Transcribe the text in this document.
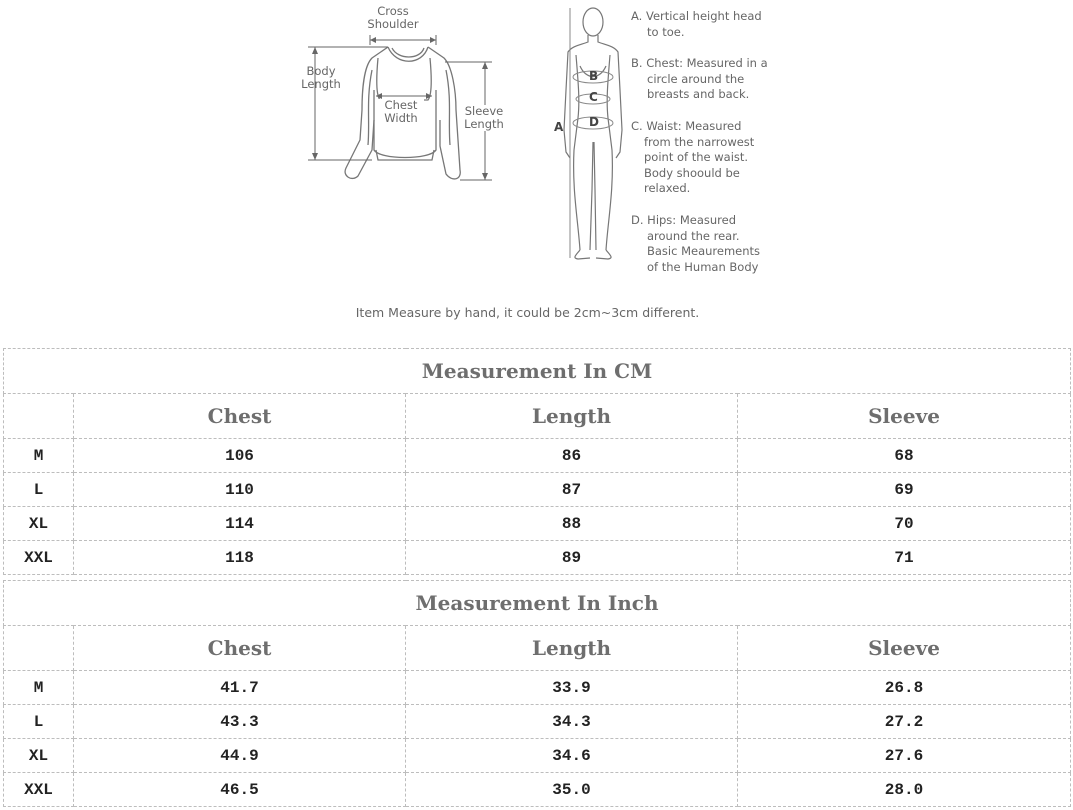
Cross
Shoulder
Body
Length
Chest
Width	Sleeve
Length	A
B
C
D
A. Vertical height head
to toe.
B. Chest: Measured in a
circle around the
breasts and back.
C. Waist: Measured
from the narrowest
point of the waist.
Body shoould be
relaxed.
D. Hips: Measured
around the rear.
Basic Meaurements
of the Human Body
Item Measure by hand, it could be 2cm~3cm different.
Measurement In CM			
	Chest	Length	Sleeve
M	106	86	68
L	110	87	69
XL	114	88	70
XXL	118	89	71
Measurement In Inch			
	Chest	Length	Sleeve
M	41.7	33.9	26.8
L	43.3	34.3	27.2
XL	44.9	34.6	27.6
XXL	46.5	35.0	28.0
